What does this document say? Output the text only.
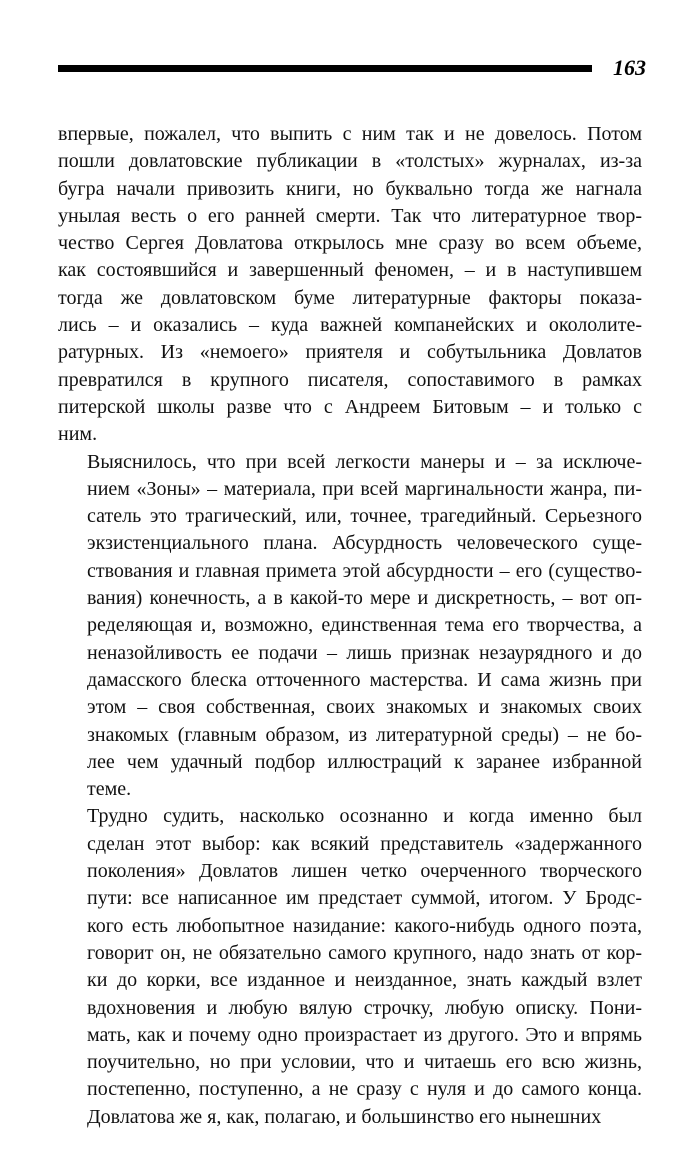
163
впервые, пожалел, что выпить с ним так и не довелось. Потом
пошли довлатовские публикации в «толстых» журналах, из-за
бугра начали привозить книги, но буквально тогда же нагнала
унылая весть о его ранней смерти. Так что литературное твор-
чество Сергея Довлатова открылось мне сразу во всем объеме,
как состоявшийся и завершенный феномен, – и в наступившем
тогда же довлатовском буме литературные факторы показа-
лись – и оказались – куда важней компанейских и окололите-
ратурных. Из «немоего» приятеля и собутыльника Довлатов
превратился в крупного писателя, сопоставимого в рамках
питерской школы разве что с Андреем Битовым – и только с
ним.
Выяснилось, что при всей легкости манеры и – за исключе-
нием «Зоны» – материала, при всей маргинальности жанра, пи-
сатель это трагический, или, точнее, трагедийный. Серьезного
экзистенциального плана. Абсурдность человеческого суще-
ствования и главная примета этой абсурдности – его (существо-
вания) конечность, а в какой-то мере и дискретность, – вот оп-
ределяющая и, возможно, единственная тема его творчества, а
неназойливость ее подачи – лишь признак незаурядного и до
дамасского блеска отточенного мастерства. И сама жизнь при
этом – своя собственная, своих знакомых и знакомых своих
знакомых (главным образом, из литературной среды) – не бо-
лее чем удачный подбор иллюстраций к заранее избранной
теме.
Трудно судить, насколько осознанно и когда именно был
сделан этот выбор: как всякий представитель «задержанного
поколения» Довлатов лишен четко очерченного творческого
пути: все написанное им предстает суммой, итогом. У Бродс-
кого есть любопытное назидание: какого-нибудь одного поэта,
говорит он, не обязательно самого крупного, надо знать от кор-
ки до корки, все изданное и неизданное, знать каждый взлет
вдохновения и любую вялую строчку, любую описку. Пони-
мать, как и почему одно произрастает из другого. Это и впрямь
поучительно, но при условии, что и читаешь его всю жизнь,
постепенно, поступенно, а не сразу с нуля и до самого конца.
Довлатова же я, как, полагаю, и большинство его нынешних
